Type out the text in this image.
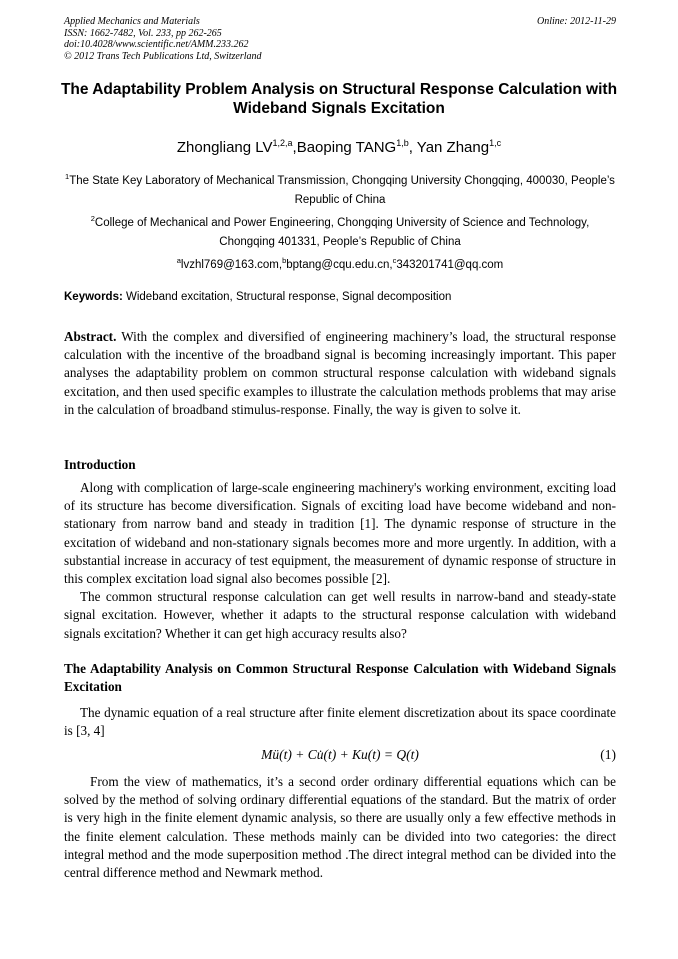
Applied Mechanics and Materials
ISSN: 1662-7482, Vol. 233, pp 262-265
doi:10.4028/www.scientific.net/AMM.233.262
© 2012 Trans Tech Publications Ltd, Switzerland
Online: 2012-11-29
The Adaptability Problem Analysis on Structural Response Calculation with Wideband Signals Excitation
Zhongliang LV$^{1,2,a}$,Baoping TANG$^{1,b}$, Yan Zhang$^{1,c}$
$^1$The State Key Laboratory of Mechanical Transmission, Chongqing University Chongqing, 400030, People’s Republic of China
$^2$College of Mechanical and Power Engineering, Chongqing University of Science and Technology, Chongqing 401331, People’s Republic of China
$^a$lvzhl769@163.com,$^b$bptang@cqu.edu.cn,$^c$343201741@qq.com
Keywords: Wideband excitation, Structural response, Signal decomposition
Abstract. With the complex and diversified of engineering machinery’s load, the structural response calculation with the incentive of the broadband signal is becoming increasingly important. This paper analyses the adaptability problem on common structural response calculation with wideband signals excitation, and then used specific examples to illustrate the calculation methods problems that may arise in the calculation of broadband stimulus-response. Finally, the way is given to solve it.
Introduction

Along with complication of large-scale engineering machinery's working environment, exciting load of its structure has become diversification. Signals of exciting load have become wideband and non-stationary from narrow band and steady in tradition [1]. The dynamic response of structure in the excitation of wideband and non-stationary signals becomes more and more urgently. In addition, with a substantial increase in accuracy of test equipment, the measurement of dynamic response of structure in this complex excitation load signal also becomes possible [2].

The common structural response calculation can get well results in narrow-band and steady-state signal excitation. However, whether it adapts to the structural response calculation with wideband signals excitation? Whether it can get high accuracy results also?

The Adaptability Analysis on Common Structural Response Calculation with Wideband Signals Excitation

The dynamic equation of a real structure after finite element discretization about its space coordinate is [3, 4]

Mü(t) + Cu̇(t) + Ku(t) = Q(t)	(1)

From the view of mathematics, it’s a second order ordinary differential equations which can be solved by the method of solving ordinary differential equations of the standard. But the matrix of order is very high in the finite element dynamic analysis, so there are usually only a few effective methods in the finite element calculation. These methods mainly can be divided into two categories: the direct integral method and the mode superposition method .The direct integral method can be divided into the central difference method and Newmark method.
